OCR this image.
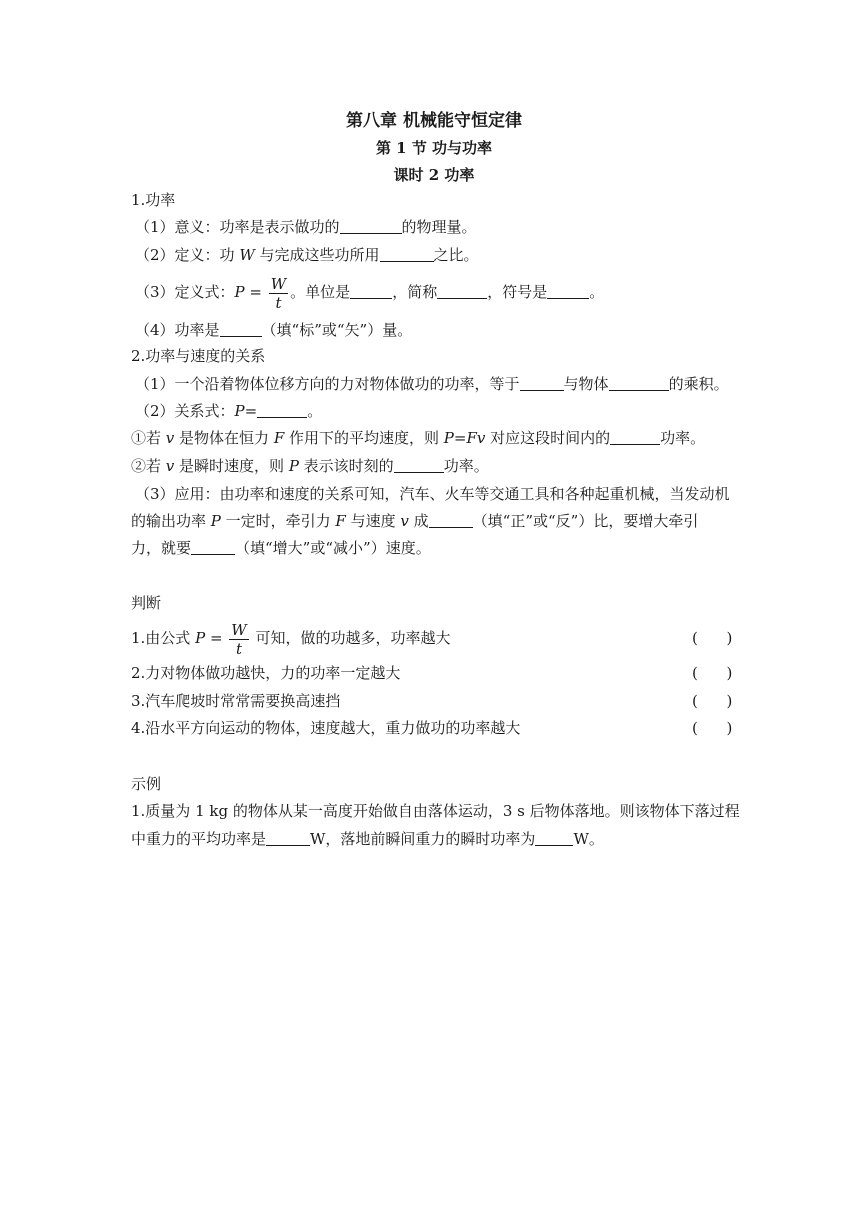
第八章 机械能守恒定律
第 1 节 功与功率
课时 2 功率
1.功率
（1）意义：功率是表示做功的	的物理量。
（2）定义：功 W 与完成这些功所用	之比。
（3）定义式：$P = \frac{W}{t}$ 。单位是	，简称	，符号是	。
（4）功率是	（填“标”或“矢”）量。
2.功率与速度的关系
（1）一个沿着物体位移方向的力对物体做功的功率，等于	与物体	的乘积。
（2）关系式：P=	。
①若 v 是物体在恒力 F 作用下的平均速度，则 P=Fv 对应这段时间内的	功率。
②若 v 是瞬时速度，则 P 表示该时刻的	功率。
（3）应用：由功率和速度的关系可知，汽车、火车等交通工具和各种起重机械，当发动机
的输出功率 P 一定时，牵引力 F 与速度 v 成	（填“正”或“反”）比，要增大牵引
力，就要	（填“增大”或“减小”）速度。
判断
1.由公式 $P = \frac{W}{t}$ 可知，做的功越多，功率越大	(      )
2.力对物体做功越快，力的功率一定越大	(      )
3.汽车爬坡时常常需要换高速挡	(      )
4.沿水平方向运动的物体，速度越大，重力做功的功率越大	(      )
示例
1.质量为 1 kg 的物体从某一高度开始做自由落体运动，3 s 后物体落地。则该物体下落过程
中重力的平均功率是	W，落地前瞬间重力的瞬时功率为	W。
